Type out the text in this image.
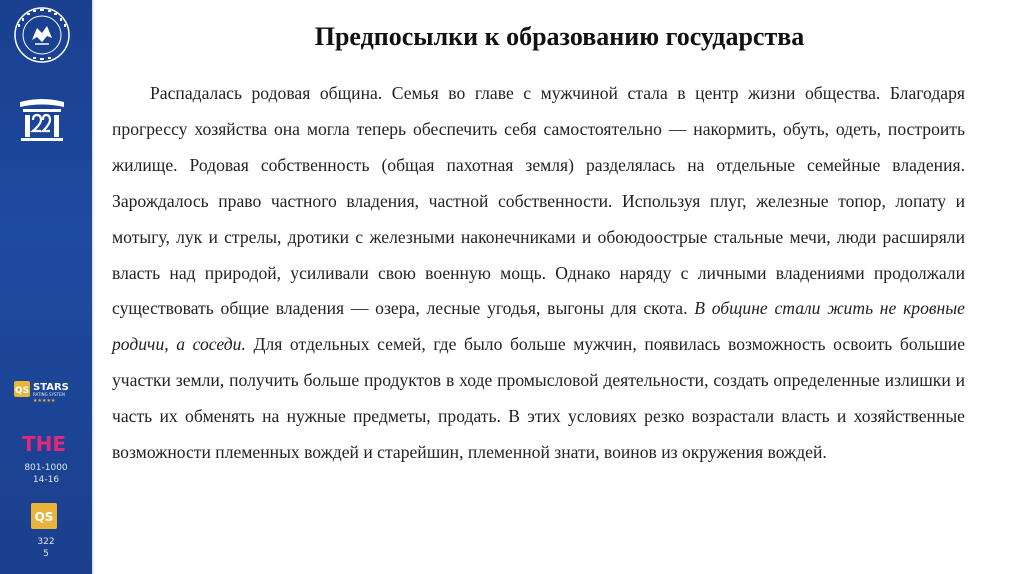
QS STARS
RATING SYSTEM
★★★★★
THE
801-1000
14-16
QS
322
5
Предпосылки к образованию государства

Распадалась родовая община. Семья во главе с мужчиной стала в центр жизни общества. Благодаря прогрессу хозяйства она могла теперь обеспечить себя самостоятельно — накормить, обуть, одеть, построить жилище. Родовая собственность (общая пахотная земля) разделялась на отдельные семейные владения. Зарождалось право частного владения, частной собственности. Используя плуг, железные топор, лопату и мотыгу, лук и стрелы, дротики с железными наконечниками и обоюдоострые стальные мечи, люди расширяли власть над природой, усиливали свою военную мощь. Однако наряду с личными владениями продолжали существовать общие владения — озера, лесные угодья, выгоны для скота. В общине стали жить не кровные родичи, а соседи. Для отдельных семей, где было больше мужчин, появилась возможность освоить большие участки земли, получить больше продуктов в ходе промысловой деятельности, создать определенные излишки и часть их обменять на нужные предметы, продать. В этих условиях резко возрастали власть и хозяйственные возможности племенных вождей и старейшин, племенной знати, воинов из окружения вождей.
